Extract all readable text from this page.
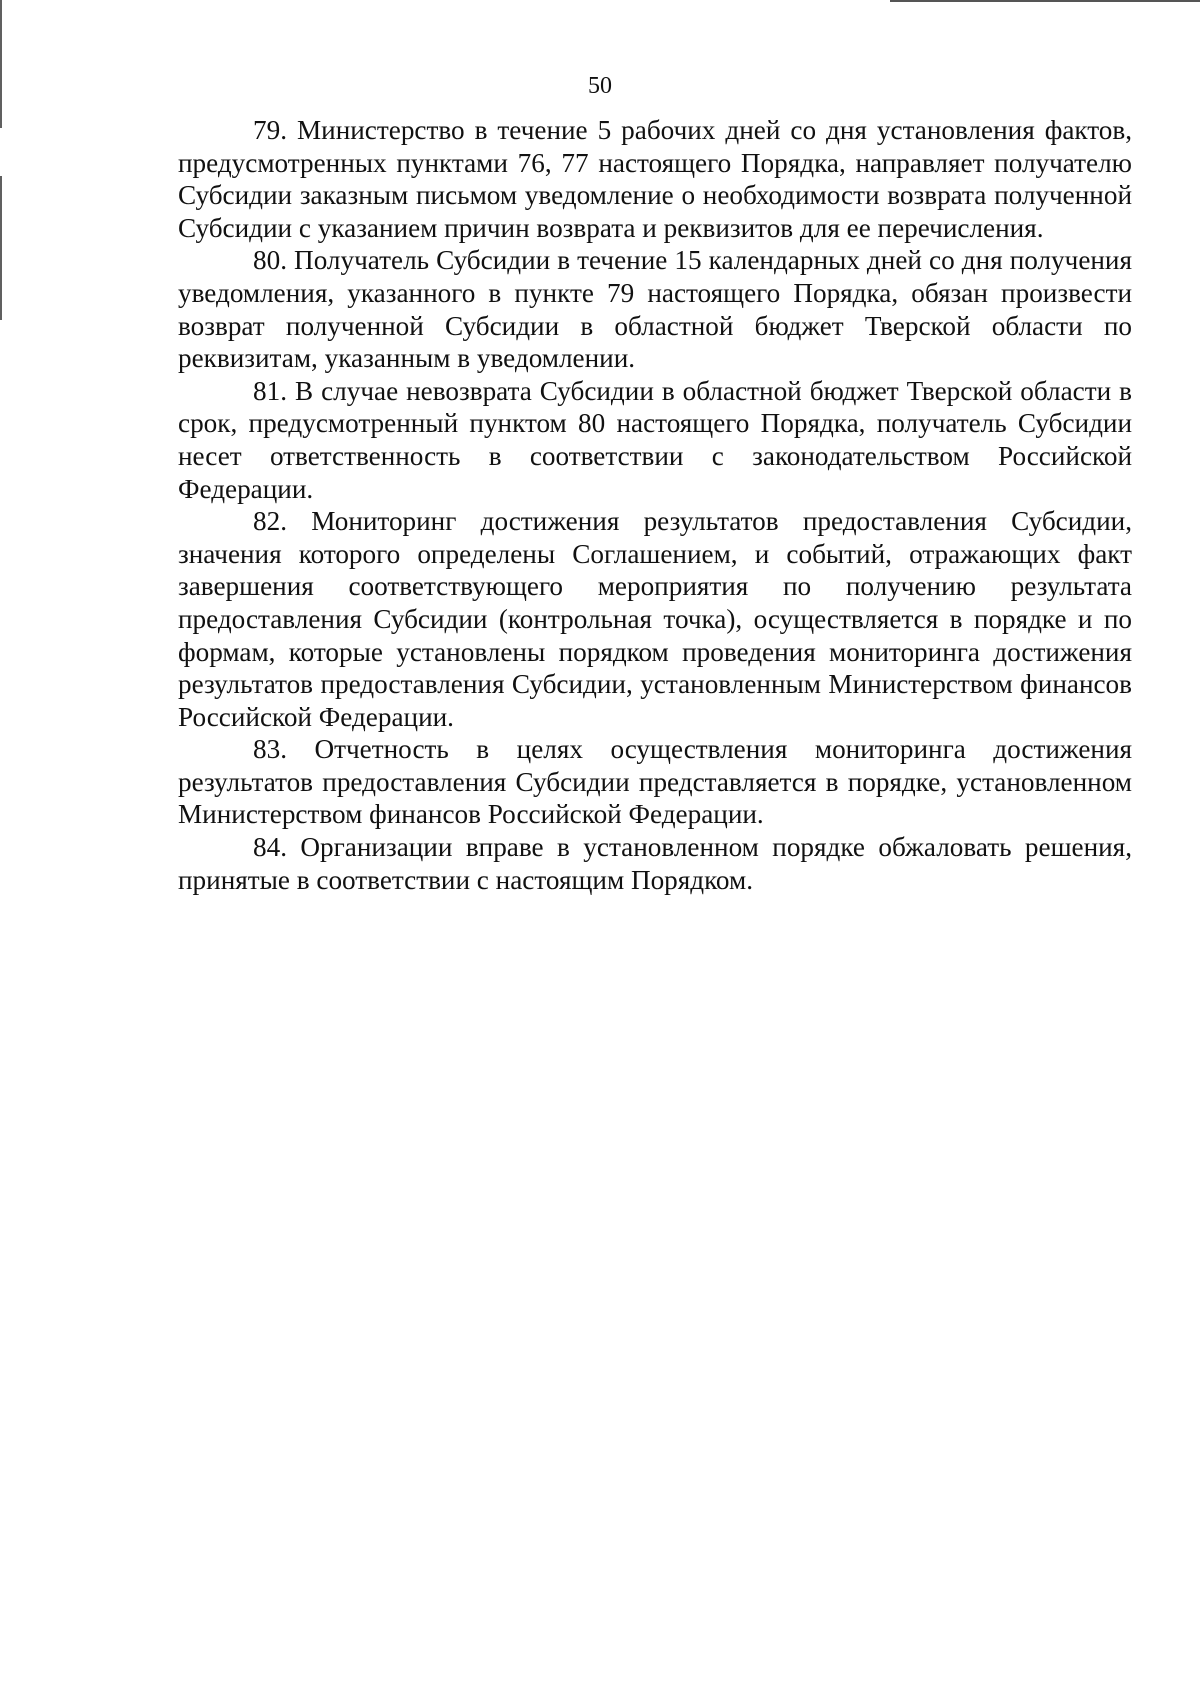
50

79. Министерство в течение 5 рабочих дней со дня установления фактов, предусмотренных пунктами 76, 77 настоящего Порядка, направляет получателю Субсидии заказным письмом уведомление о необходимости возврата полученной Субсидии с указанием причин возврата и реквизитов для ее перечисления.

80. Получатель Субсидии в течение 15 календарных дней со дня получения уведомления, указанного в пункте 79 настоящего Порядка, обязан произвести возврат полученной Субсидии в областной бюджет Тверской области по реквизитам, указанным в уведомлении.

81. В случае невозврата Субсидии в областной бюджет Тверской области в срок, предусмотренный пунктом 80 настоящего Порядка, получатель Субсидии несет ответственность в соответствии с законодательством Российской Федерации.

82. Мониторинг достижения результатов предоставления Субсидии, значения которого определены Соглашением, и событий, отражающих факт завершения соответствующего мероприятия по получению результата предоставления Субсидии (контрольная точка), осуществляется в порядке и по формам, которые установлены порядком проведения мониторинга достижения результатов предоставления Субсидии, установленным Министерством финансов Российской Федерации.

83. Отчетность в целях осуществления мониторинга достижения результатов предоставления Субсидии представляется в порядке, установленном Министерством финансов Российской Федерации.

84. Организации вправе в установленном порядке обжаловать решения, принятые в соответствии с настоящим Порядком.
